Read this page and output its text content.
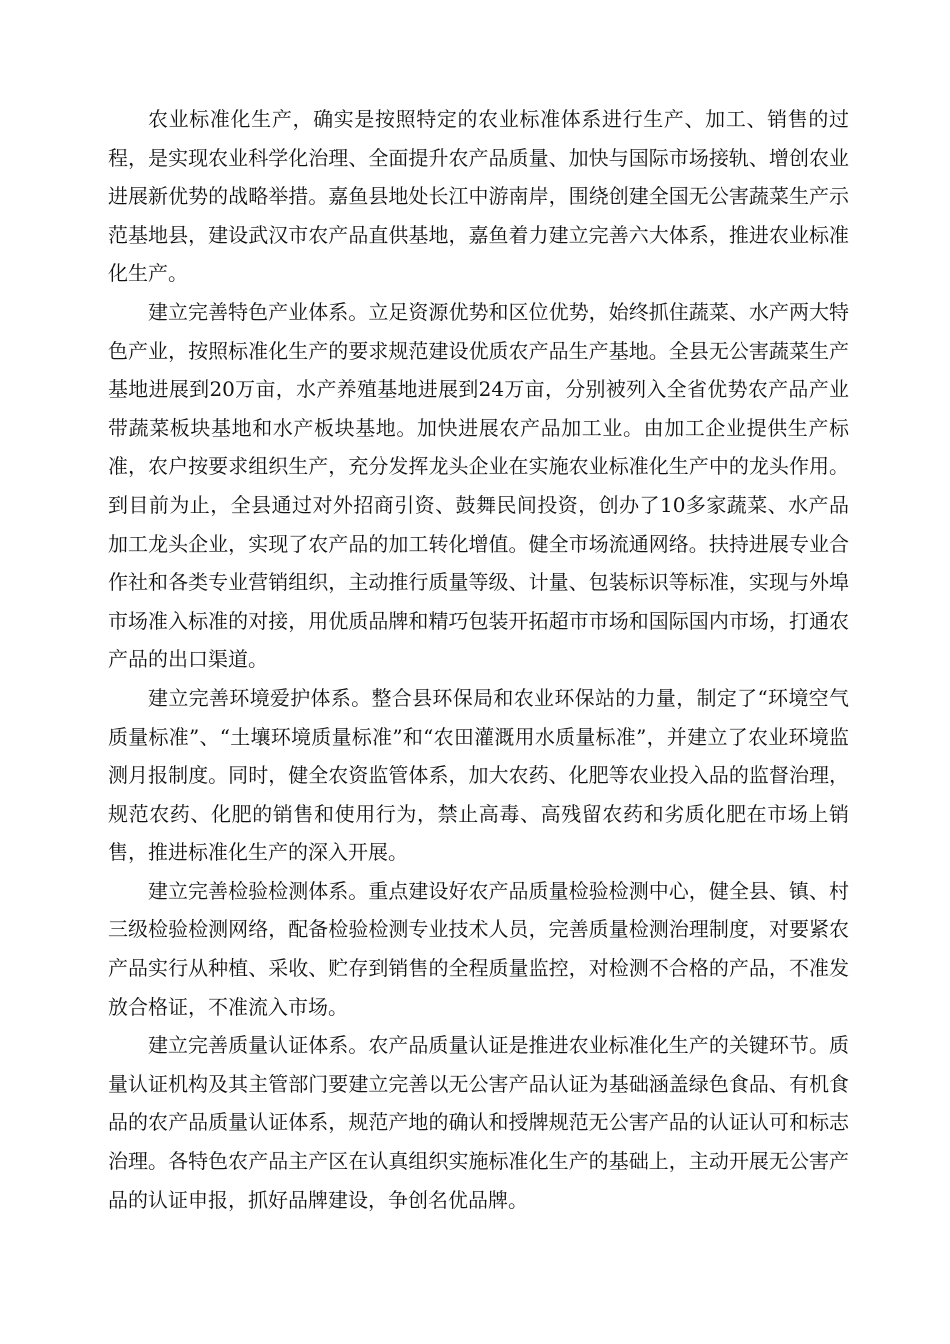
农业标准化生产，确实是按照特定的农业标准体系进行生产、加工、销售的过程，是实现农业科学化治理、全面提升农产品质量、加快与国际市场接轨、增创农业进展新优势的战略举措。嘉鱼县地处长江中游南岸，围绕创建全国无公害蔬菜生产示范基地县，建设武汉市农产品直供基地，嘉鱼着力建立完善六大体系，推进农业标准化生产。

建立完善特色产业体系。立足资源优势和区位优势，始终抓住蔬菜、水产两大特色产业，按照标准化生产的要求规范建设优质农产品生产基地。全县无公害蔬菜生产基地进展到20万亩，水产养殖基地进展到24万亩，分别被列入全省优势农产品产业带蔬菜板块基地和水产板块基地。加快进展农产品加工业。由加工企业提供生产标准，农户按要求组织生产，充分发挥龙头企业在实施农业标准化生产中的龙头作用。到目前为止，全县通过对外招商引资、鼓舞民间投资，创办了10多家蔬菜、水产品加工龙头企业，实现了农产品的加工转化增值。健全市场流通网络。扶持进展专业合作社和各类专业营销组织，主动推行质量等级、计量、包装标识等标准，实现与外埠市场准入标准的对接，用优质品牌和精巧包装开拓超市市场和国际国内市场，打通农产品的出口渠道。

建立完善环境爱护体系。整合县环保局和农业环保站的力量，制定了“环境空气质量标准”、“土壤环境质量标准”和“农田灌溉用水质量标准”，并建立了农业环境监测月报制度。同时，健全农资监管体系，加大农药、化肥等农业投入品的监督治理，规范农药、化肥的销售和使用行为，禁止高毒、高残留农药和劣质化肥在市场上销售，推进标准化生产的深入开展。

建立完善检验检测体系。重点建设好农产品质量检验检测中心，健全县、镇、村三级检验检测网络，配备检验检测专业技术人员，完善质量检测治理制度，对要紧农产品实行从种植、采收、贮存到销售的全程质量监控，对检测不合格的产品，不准发放合格证，不准流入市场。

建立完善质量认证体系。农产品质量认证是推进农业标准化生产的关键环节。质量认证机构及其主管部门要建立完善以无公害产品认证为基础涵盖绿色食品、有机食品的农产品质量认证体系，规范产地的确认和授牌规范无公害产品的认证认可和标志治理。各特色农产品主产区在认真组织实施标准化生产的基础上，主动开展无公害产品的认证申报，抓好品牌建设，争创名优品牌。
